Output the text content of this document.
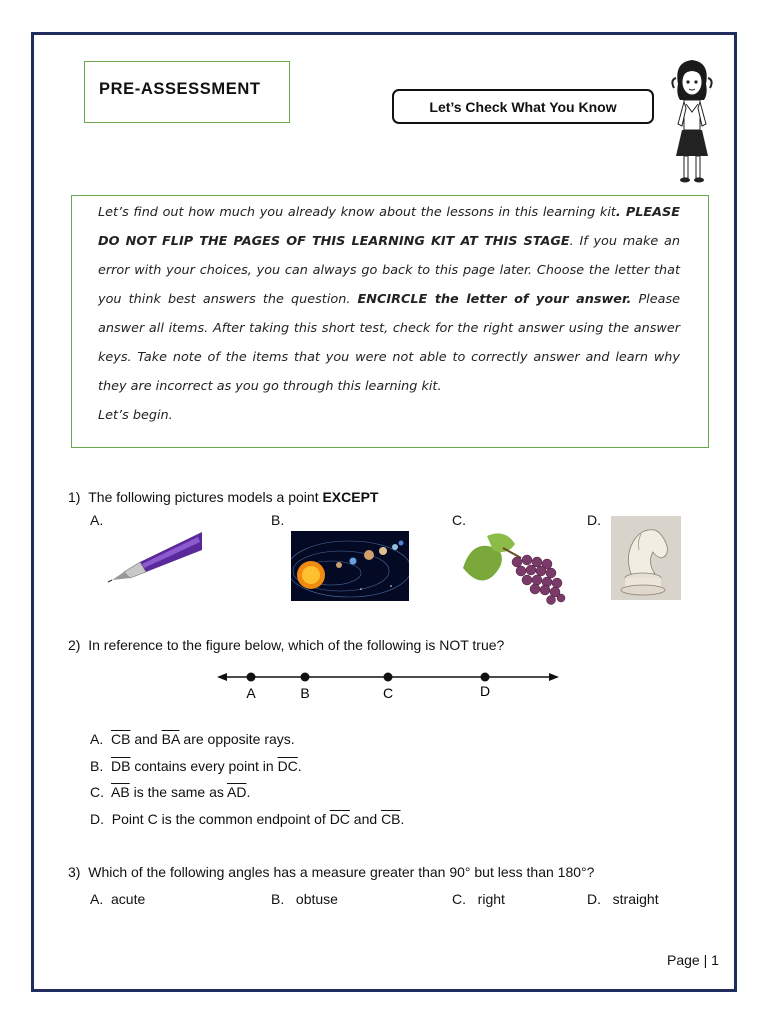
PRE-ASSESSMENT
Let’s Check What You Know
Let’s find out how much you already know about the lessons in this learning kit. PLEASE DO NOT FLIP THE PAGES OF THIS LEARNING KIT AT THIS STAGE. If you make an error with your choices, you can always go back to this page later. Choose the letter that you think best answers the question. ENCIRCLE the letter of your answer. Please answer all items. After taking this short test, check for the right answer using the answer keys. Take note of the items that you were not able to correctly answer and learn why they are incorrect as you go through this learning kit.
Let’s begin.
1) The following pictures models a point EXCEPT
A.	B.	C.	D.
2) In reference to the figure below, which of the following is NOT true?
A	B	C	D
A. $\overline{CB}$ and $\overline{BA}$ are opposite rays.
B. $\overline{DB}$ contains every point in $\overline{DC}$.
C. $\overline{AB}$ is the same as $\overline{AD}$.
D. Point C is the common endpoint of $\overline{DC}$ and $\overline{CB}$.
3) Which of the following angles has a measure greater than 90° but less than 180°?
A. acute	B. obtuse	C. right	D. straight
Page | 1
